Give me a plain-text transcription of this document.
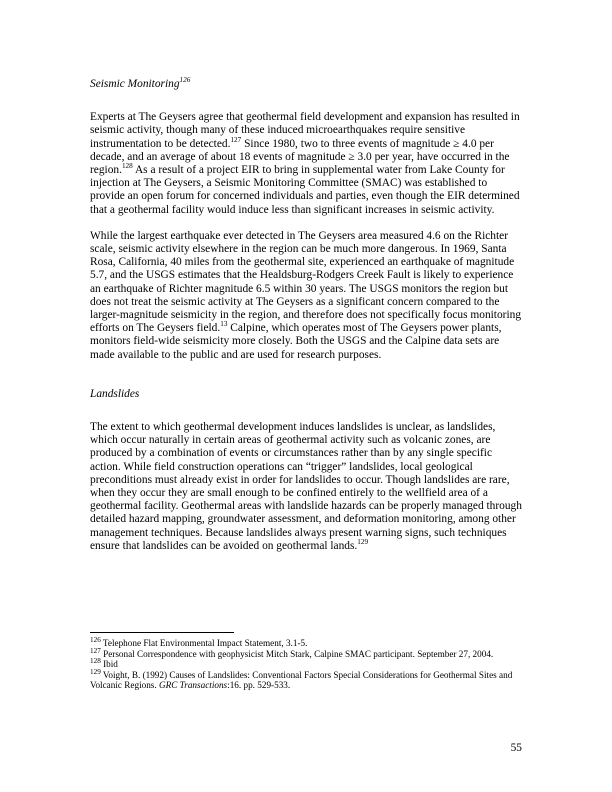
Seismic Monitoring$^{126}$

Experts at The Geysers agree that geothermal field development and expansion has resulted in seismic activity, though many of these induced microearthquakes require sensitive instrumentation to be detected.$^{127}$ Since 1980, two to three events of magnitude ≥ 4.0 per decade, and an average of about 18 events of magnitude ≥ 3.0 per year, have occurred in the region.$^{128}$ As a result of a project EIR to bring in supplemental water from Lake County for injection at The Geysers, a Seismic Monitoring Committee (SMAC) was established to provide an open forum for concerned individuals and parties, even though the EIR determined that a geothermal facility would induce less than significant increases in seismic activity.

While the largest earthquake ever detected in The Geysers area measured 4.6 on the Richter scale, seismic activity elsewhere in the region can be much more dangerous. In 1969, Santa Rosa, California, 40 miles from the geothermal site, experienced an earthquake of magnitude 5.7, and the USGS estimates that the Healdsburg-Rodgers Creek Fault is likely to experience an earthquake of Richter magnitude 6.5 within 30 years. The USGS monitors the region but does not treat the seismic activity at The Geysers as a significant concern compared to the larger-magnitude seismicity in the region, and therefore does not specifically focus monitoring efforts on The Geysers field.$^{13}$ Calpine, which operates most of The Geysers power plants, monitors field-wide seismicity more closely. Both the USGS and the Calpine data sets are made available to the public and are used for research purposes.

Landslides

The extent to which geothermal development induces landslides is unclear, as landslides, which occur naturally in certain areas of geothermal activity such as volcanic zones, are produced by a combination of events or circumstances rather than by any single specific action. While field construction operations can “trigger” landslides, local geological preconditions must already exist in order for landslides to occur. Though landslides are rare, when they occur they are small enough to be confined entirely to the wellfield area of a geothermal facility. Geothermal areas with landslide hazards can be properly managed through detailed hazard mapping, groundwater assessment, and deformation monitoring, among other management techniques. Because landslides always present warning signs, such techniques ensure that landslides can be avoided on geothermal lands.$^{129}$

$^{126}$ Telephone Flat Environmental Impact Statement, 3.1-5.

$^{127}$ Personal Correspondence with geophysicist Mitch Stark, Calpine SMAC participant. September 27, 2004.

$^{128}$ Ibid

$^{129}$ Voight, B. (1992) Causes of Landslides: Conventional Factors Special Considerations for Geothermal Sites and Volcanic Regions. GRC Transactions:16. pp. 529-533.

55
